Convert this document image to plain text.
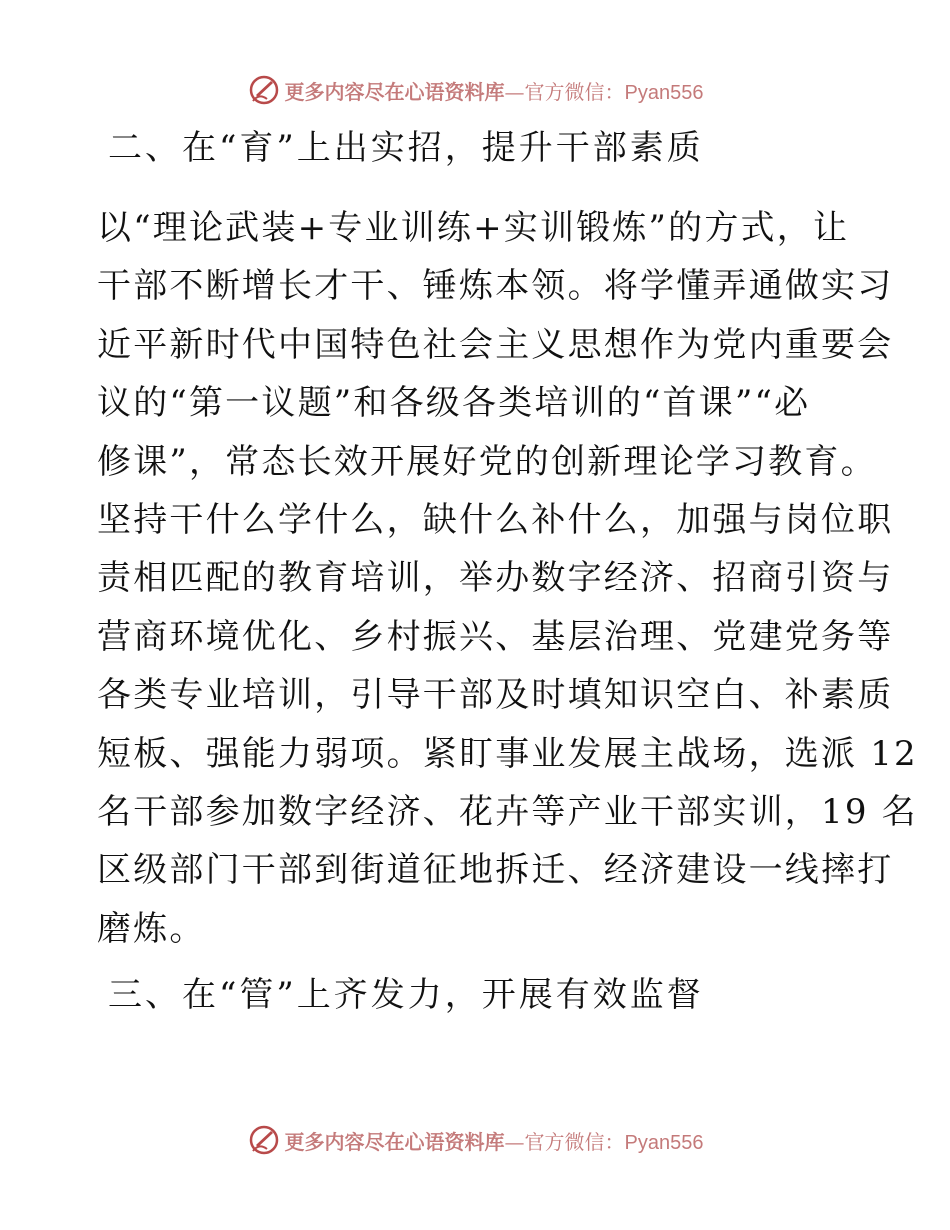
更多内容尽在心语资料库—官方微信：Pyan556
二、在“育”上出实招，提升干部素质
以“理论武装+专业训练+实训锻炼”的方式，让
干部不断增长才干、锤炼本领。将学懂弄通做实习
近平新时代中国特色社会主义思想作为党内重要会
议的“第一议题”和各级各类培训的“首课”“必
修课”，常态长效开展好党的创新理论学习教育。
坚持干什么学什么，缺什么补什么，加强与岗位职
责相匹配的教育培训，举办数字经济、招商引资与
营商环境优化、乡村振兴、基层治理、党建党务等
各类专业培训，引导干部及时填知识空白、补素质
短板、强能力弱项。紧盯事业发展主战场，选派 12
名干部参加数字经济、花卉等产业干部实训，19 名
区级部门干部到街道征地拆迁、经济建设一线摔打
磨炼。
三、在“管”上齐发力，开展有效监督
更多内容尽在心语资料库—官方微信：Pyan556
